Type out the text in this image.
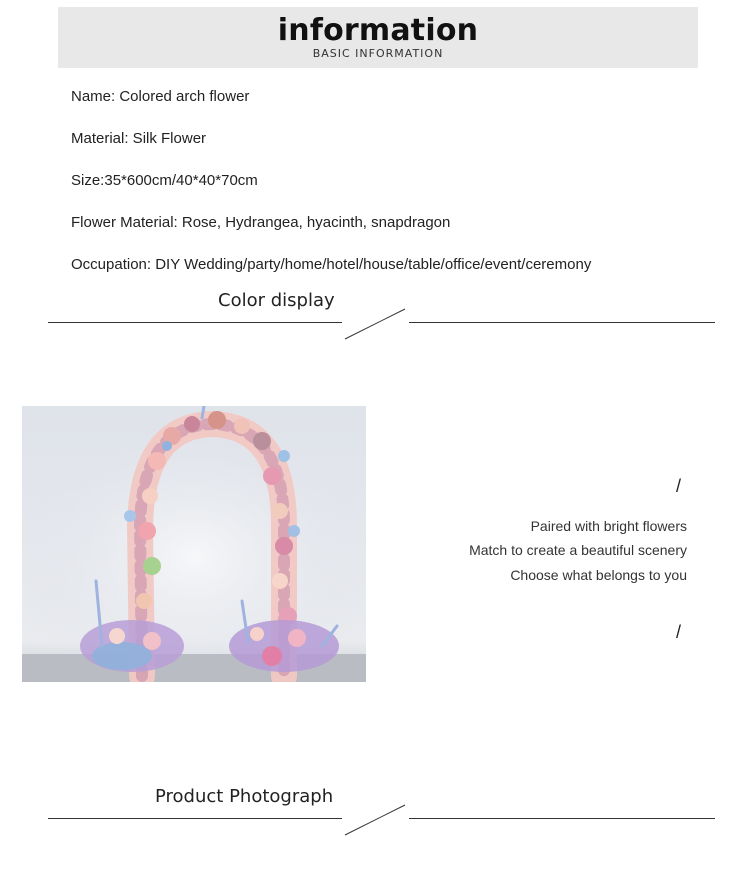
information
BASIC INFORMATION
Name: Colored arch flower
Material: Silk Flower
Size:35*600cm/40*40*70cm
Flower Material: Rose, Hydrangea, hyacinth, snapdragon
Occupation: DIY Wedding/party/home/hotel/house/table/office/event/ceremony
Color display
/
Paired with bright flowers
Match to create a beautiful scenery
Choose what belongs to you
/
Product Photograph
